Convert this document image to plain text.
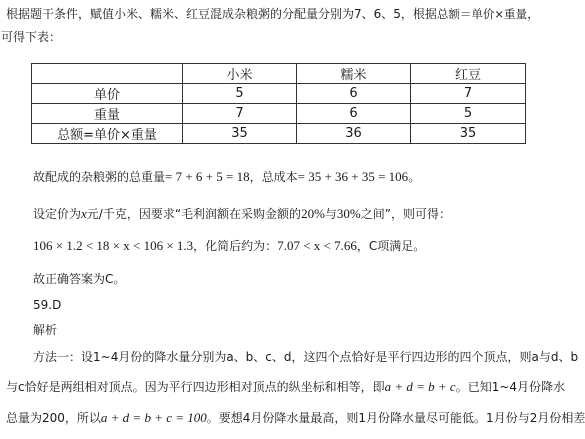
根据题干条件，赋值小米、糯米、红豆混成杂粮粥的分配量分别为7、6、5，根据总额＝单价×重量，
可得下表：
	小米	糯米	红豆
单价	5	6	7
重量	7	6	5
总额=单价×重量	35	36	35
故配成的杂粮粥的总重量= 7 + 6 + 5 = 18，总成本= 35 + 36 + 35 = 106。
设定价为x元/千克，因要求“毛利润额在采购金额的20%与30%之间”，则可得：
106 × 1.2 < 18 × x < 106 × 1.3，化简后约为：7.07 < x < 7.66，C项满足。
故正确答案为C。
59.D
解析
方法一：设1~4月份的降水量分别为a、b、c、d，这四个点恰好是平行四边形的四个顶点，则a与d、b
与c恰好是两组相对顶点。因为平行四边形相对顶点的纵坐标和相等，即a + d = b + c。已知1~4月份降水
总量为200，所以a + d = b + c = 100。要想4月份降水量最高，则1月份降水量尽可能低。1月份与2月份相差
